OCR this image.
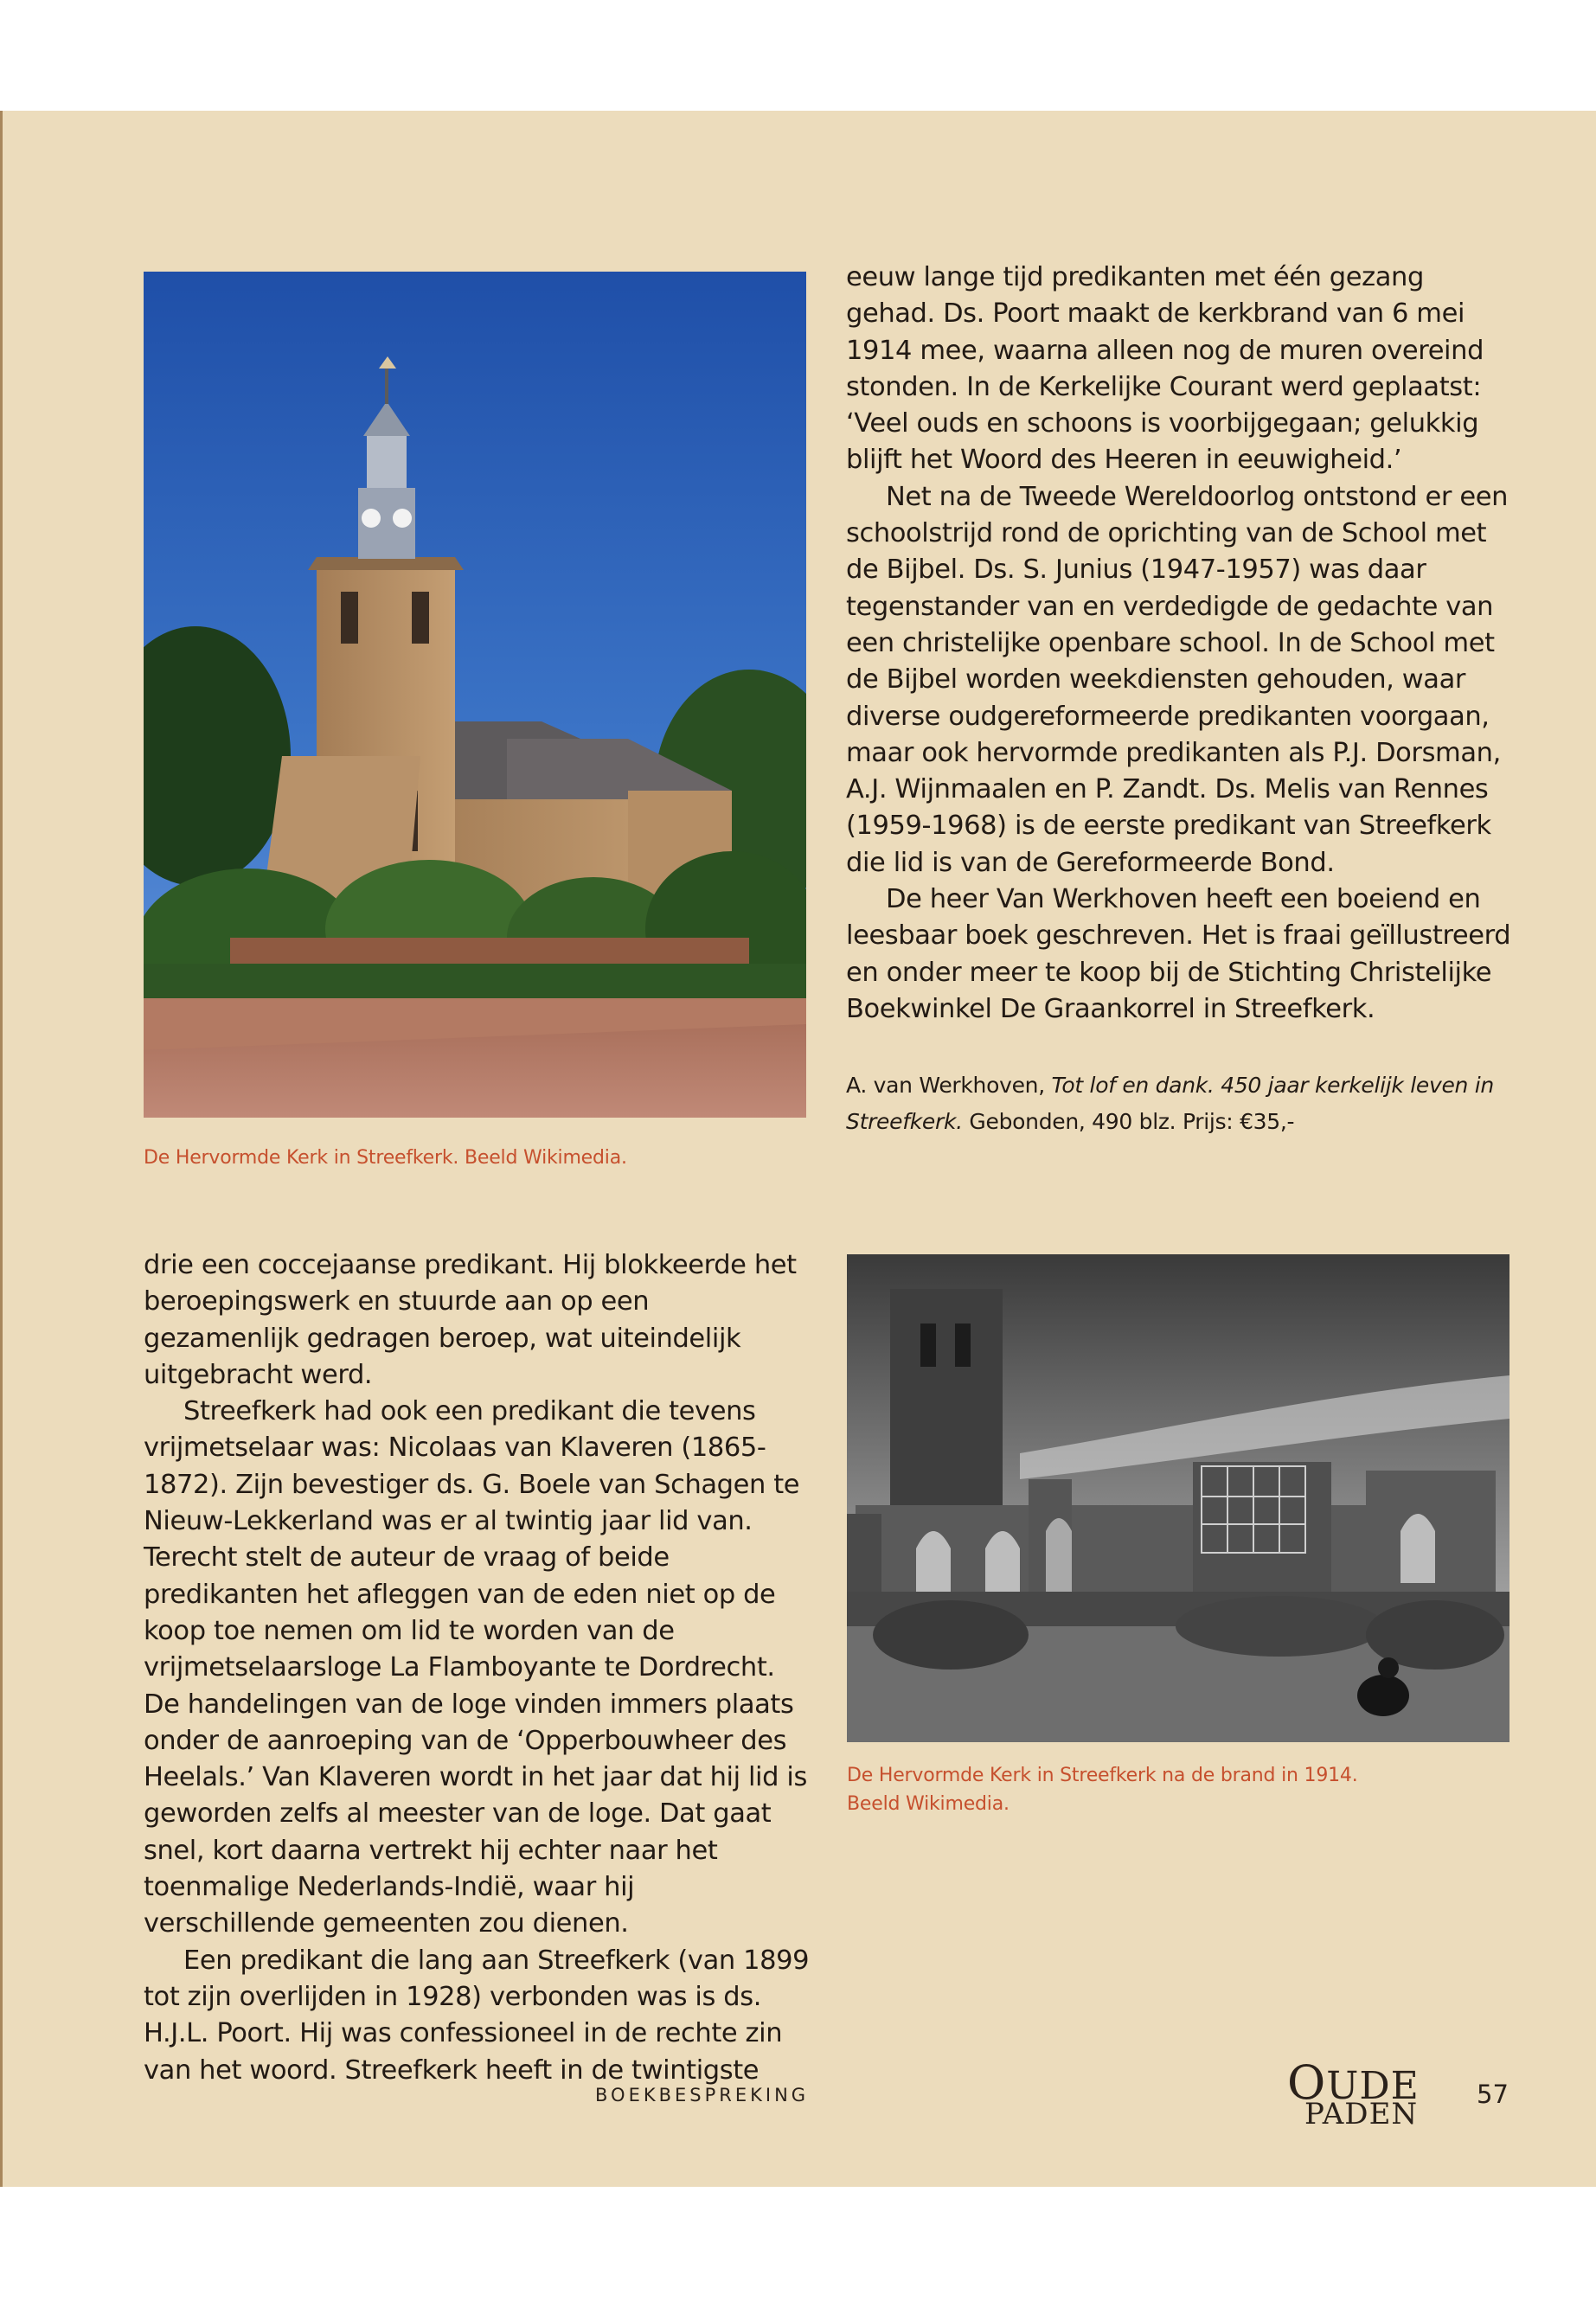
eeuw lange tijd predikanten met één gezang gehad. Ds. Poort maakt de kerkbrand van 6 mei 1914 mee, waarna alleen nog de muren overeind stonden. In de Kerkelijke Courant werd geplaatst: ‘Veel ouds en schoons is voorbijgegaan; gelukkig blijft het Woord des Heeren in eeuwigheid.’

Net na de Tweede Wereldoorlog ontstond er een schoolstrijd rond de oprichting van de School met de Bijbel. Ds. S. Junius (1947-1957) was daar tegenstander van en verdedigde de gedachte van een christelijke openbare school. In de School met de Bijbel worden weekdiensten gehouden, waar diverse oudgereformeerde predikanten voorgaan, maar ook hervormde predikanten als P.J. Dorsman, A.J. Wijnmaalen en P. Zandt. Ds. Melis van Rennes (1959-1968) is de eerste predikant van Streefkerk die lid is van de Gereformeerde Bond.

De heer Van Werkhoven heeft een boeiend en leesbaar boek geschreven. Het is fraai geïllustreerd en onder meer te koop bij de Stichting Christelijke Boekwinkel De Graankorrel in Streefkerk.

A. van Werkhoven, Tot lof en dank. 450 jaar kerkelijk leven in Streefkerk. Gebonden, 490 blz. Prijs: €35,-
De Hervormde Kerk in Streefkerk. Beeld Wikimedia.

drie een coccejaanse predikant. Hij blokkeerde het beroepingswerk en stuurde aan op een gezamenlijk gedragen beroep, wat uiteindelijk uitgebracht werd.

Streefkerk had ook een predikant die tevens vrijmetselaar was: Nicolaas van Klaveren (1865-1872). Zijn bevestiger ds. G. Boele van Schagen te Nieuw-Lekkerland was er al twintig jaar lid van. Terecht stelt de auteur de vraag of beide predikanten het afleggen van de eden niet op de koop toe nemen om lid te worden van de vrijmetselaarsloge La Flamboyante te Dordrecht. De handelingen van de loge vinden immers plaats onder de aanroeping van de ‘Opperbouwheer des Heelals.’ Van Klaveren wordt in het jaar dat hij lid is geworden zelfs al meester van de loge. Dat gaat snel, kort daarna vertrekt hij echter naar het toenmalige Nederlands-Indië, waar hij verschillende gemeenten zou dienen.

Een predikant die lang aan Streefkerk (van 1899 tot zijn overlijden in 1928) verbonden was is ds. H.J.L. Poort. Hij was confessioneel in de rechte zin van het woord. Streefkerk heeft in de twintigste

De Hervormde Kerk in Streefkerk na de brand in 1914.
Beeld Wikimedia.
BOEKBESPREKING	OUDE
PADEN
57
